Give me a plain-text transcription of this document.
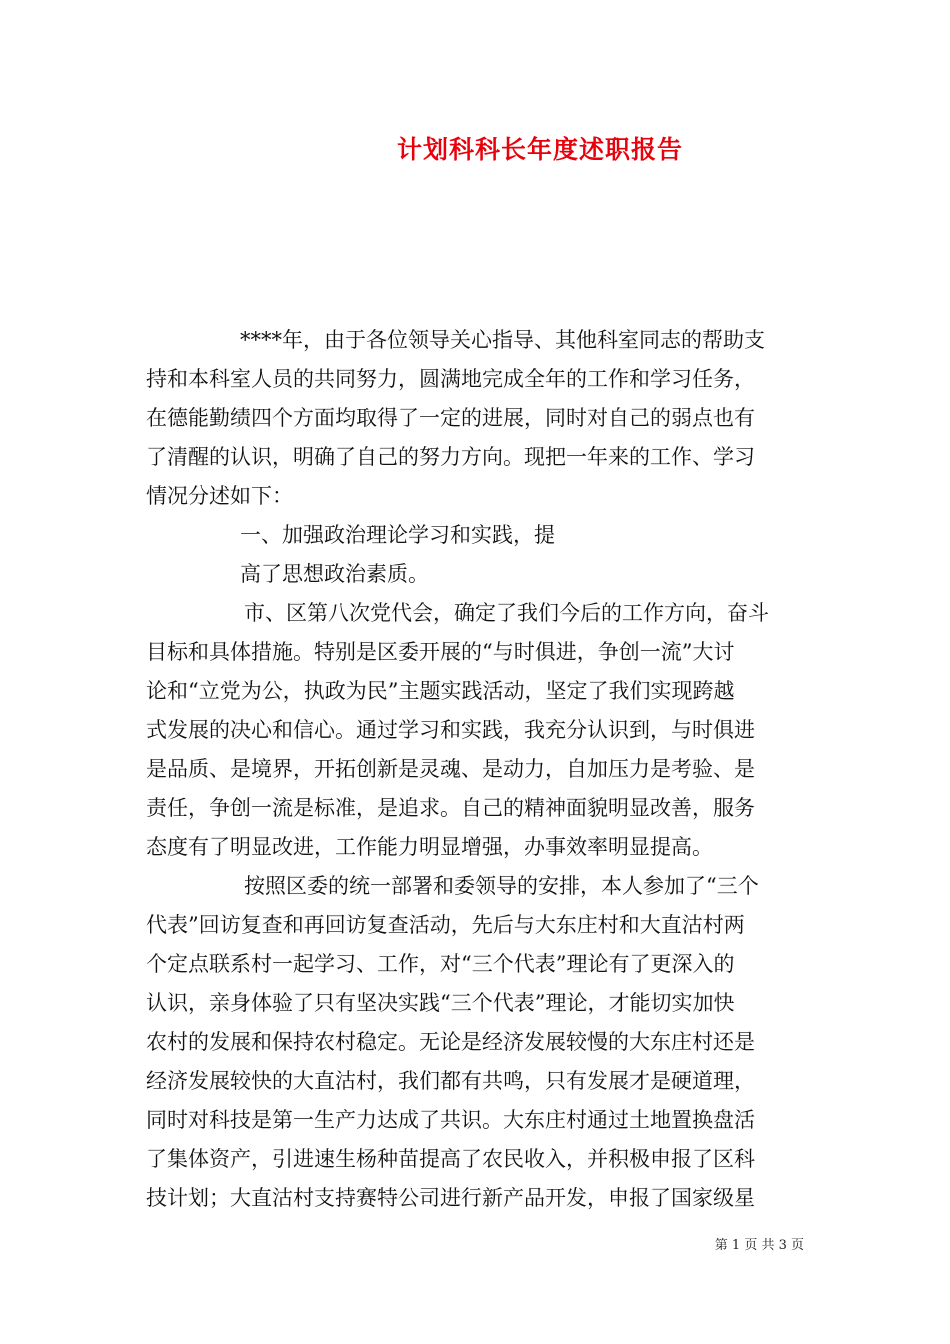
计划科科长年度述职报告
****年，由于各位领导关心指导、其他科室同志的帮助支
持和本科室人员的共同努力，圆满地完成全年的工作和学习任务，
在德能勤绩四个方面均取得了一定的进展，同时对自己的弱点也有
了清醒的认识，明确了自己的努力方向。现把一年来的工作、学习
情况分述如下：
一、加强政治理论学习和实践，提
高了思想政治素质。
市、区第八次党代会，确定了我们今后的工作方向，奋斗
目标和具体措施。特别是区委开展的“与时俱进，争创一流”大讨
论和“立党为公，执政为民”主题实践活动，坚定了我们实现跨越
式发展的决心和信心。通过学习和实践，我充分认识到，与时俱进
是品质、是境界，开拓创新是灵魂、是动力，自加压力是考验、是
责任，争创一流是标准，是追求。自己的精神面貌明显改善，服务
态度有了明显改进，工作能力明显增强，办事效率明显提高。
按照区委的统一部署和委领导的安排，本人参加了“三个
代表”回访复查和再回访复查活动，先后与大东庄村和大直沽村两
个定点联系村一起学习、工作，对“三个代表”理论有了更深入的
认识，亲身体验了只有坚决实践“三个代表”理论，才能切实加快
农村的发展和保持农村稳定。无论是经济发展较慢的大东庄村还是
经济发展较快的大直沽村，我们都有共鸣，只有发展才是硬道理，
同时对科技是第一生产力达成了共识。大东庄村通过土地置换盘活
了集体资产，引进速生杨种苗提高了农民收入，并积极申报了区科
技计划；大直沽村支持赛特公司进行新产品开发，申报了国家级星
第 1 页 共 3 页
